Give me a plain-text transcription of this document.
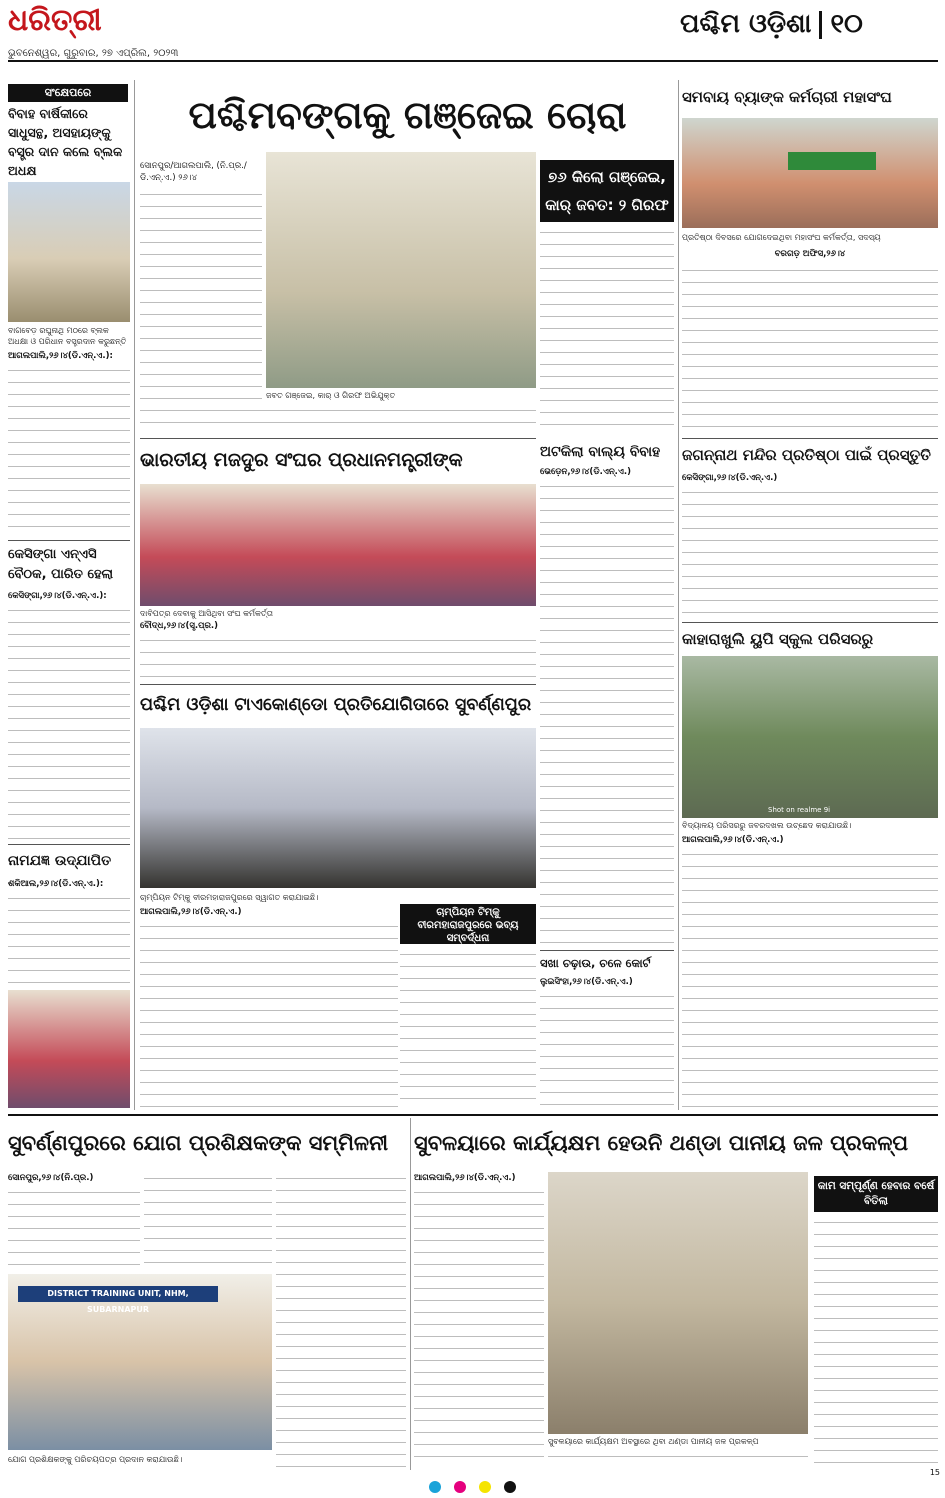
ଧରିତ୍ରୀ	ପଶ୍ଚିମ ଓଡ଼ିଶା ୧୦
ଭୁବନେଶ୍ୱର, ଗୁରୁବାର, ୨୭ ଏପ୍ରିଲ, ୨୦୨୩
ସଂକ୍ଷେପରେ
ବିବାହ ବାର୍ଷିକୀରେ ସାଧୁସନ୍ଥ, ଅସହାୟଙ୍କୁ ବସ୍ତ୍ର ଦାନ କଲେ ବ୍ଲକ ଅଧକ୍ଷ
ବାଗବେଡ଼ ରଘୁନାଥି ମଠରେ ବ୍ଲକ ଅଧକ୍ଷା ଓ ପରିଧାନ ବସ୍ତ୍ରଦାନ କରୁଛନ୍ତି
ଆଗଲପାଲି,୨୬।୪(ଡି.ଏନ୍‌.ଏ.):
କେସିଙ୍ଗା ଏନ୍‌ଏସି ବୈଠକ, ପାରିତ ହେଲା
କେସିଙ୍ଗା,୨୬।୪(ଡି.ଏନ୍‌.ଏ.):
ନାମଯଜ୍ଞ ଉଦ୍‌ଯାପିତ
ଶକିଆଲ,୨୬।୪(ଡି.ଏନ୍‌.ଏ.):
ପଶ୍ଚିମବଙ୍ଗକୁ ଗଞ୍ଜେଇ ଚୋରା
ସୋନପୁର/ଆଗଲପାଲି, (ନି.ପ୍ର./ଡି.ଏନ୍‌.ଏ.) ୨୬।୪
ଜବତ ଗଞ୍ଜେଇ, କାର୍‌ ଓ ଗିରଫ ଅଭିଯୁକ୍ତ
୭୬ କିଲୋ ଗଞ୍ଜେଇ,
କାର୍‌ ଜବତ: ୨ ଗିରଫ
ସମବାୟ ବ୍ୟାଙ୍କ କର୍ମଚାରୀ ମହାସଂଘ
ପ୍ରତିଷ୍ଠା ଦିବସରେ ଯୋଗଦେଇଥିବା ମହାସଂଘ କର୍ମକର୍ତ୍ତା, ସଦସ୍ୟ
ବରଗଡ଼ ଅଫିସ,୨୬।୪
ଭାରତୀୟ ମଜଦୁର ସଂଘର ପ୍ରଧାନମନ୍ତ୍ରୀଙ୍କ
ଦାବିପତ୍ର ଦେବାକୁ ଆସିଥିବା ସଂଘ କର୍ମକର୍ତ୍ତା
ବୌଦ୍ଧ,୨୬।୪(ସୃ.ପ୍ର.)
ଅଟକିଲା ବାଲ୍ୟ ବିବାହ
ଭେଡ଼େନ,୨୬।୪(ଡି.ଏନ୍‌.ଏ.)
ଜଗନ୍ନାଥ ମନ୍ଦିର ପ୍ରତିଷ୍ଠା ପାଇଁ ପ୍ରସ୍ତୁତି
କେସିଙ୍ଗା,୨୬।୪(ଡି.ଏନ୍‌.ଏ.)
ପଶ୍ଚିମ ଓଡ଼ିଶା ଟାଏକୋଣ୍ଡୋ ପ୍ରତିଯୋଗିତାରେ ସୁବର୍ଣ୍ଣପୁର
ଚାମ୍ପିୟନ ଟିମ୍‌କୁ ବୀରମହାରାଜପୁରରେ ସ୍ୱାଗତ କରାଯାଇଛି।
ଆଗଲପାଲି,୨୬।୪(ଡି.ଏନ୍‌.ଏ.)	ଚାମ୍ପିୟନ ଟିମ୍‌କୁ ବୀରମହାରାଜପୁରରେ ଭବ୍ୟ ସମ୍ବର୍ଦ୍ଧନା
କାହାରାଖୁଲି ୟୁପି ସ୍କୁଲ ପରିସରରୁ
Shot on realme 9i
ବିଦ୍ୟାଳୟ ପରିସରରୁ ଜବରଦଖଲ ଉଚ୍ଛେଦ କରାଯାଉଛି।
ଆଗଲପାଲି,୨୬।୪(ଡି.ଏନ୍‌.ଏ.)
ସଖା ଚଢ଼ାଉ, ଚଳେ କୋର୍ଟ
ଲୁଇସିଂହା,୨୬।୪(ଡି.ଏନ୍‌.ଏ.)
ସୁବର୍ଣ୍ଣପୁରରେ ଯୋଗ ପ୍ରଶିକ୍ଷକଙ୍କ ସମ୍ମିଳନୀ
ସୋନପୁର,୨୬।୪(ନି.ପ୍ର.)
DISTRICT TRAINING UNIT, NHM, SUBARNAPUR
ଯୋଗ ପ୍ରଶିକ୍ଷକଙ୍କୁ ପରିଚୟପତ୍ର ପ୍ରଦାନ କରାଯାଉଛି।
ସୁବଳୟାରେ କାର୍ଯ୍ୟକ୍ଷମ ହେଉନି ଥଣ୍ଡା ପାନୀୟ ଜଳ ପ୍ରକଳ୍ପ
ଆଗଲପାଲି,୨୬।୪(ଡି.ଏନ୍‌.ଏ.)
ସୁବଳୟାରେ କାର୍ଯ୍ୟକ୍ଷମ ଅବସ୍ଥାରେ ଥିବା ଥଣ୍ଡା ପାନୀୟ ଜଳ ପ୍ରକଳ୍ପ
କାମ ସମ୍ପୂର୍ଣ୍ଣ ହେବାର ବର୍ଷେ ବିତିଲା

15
